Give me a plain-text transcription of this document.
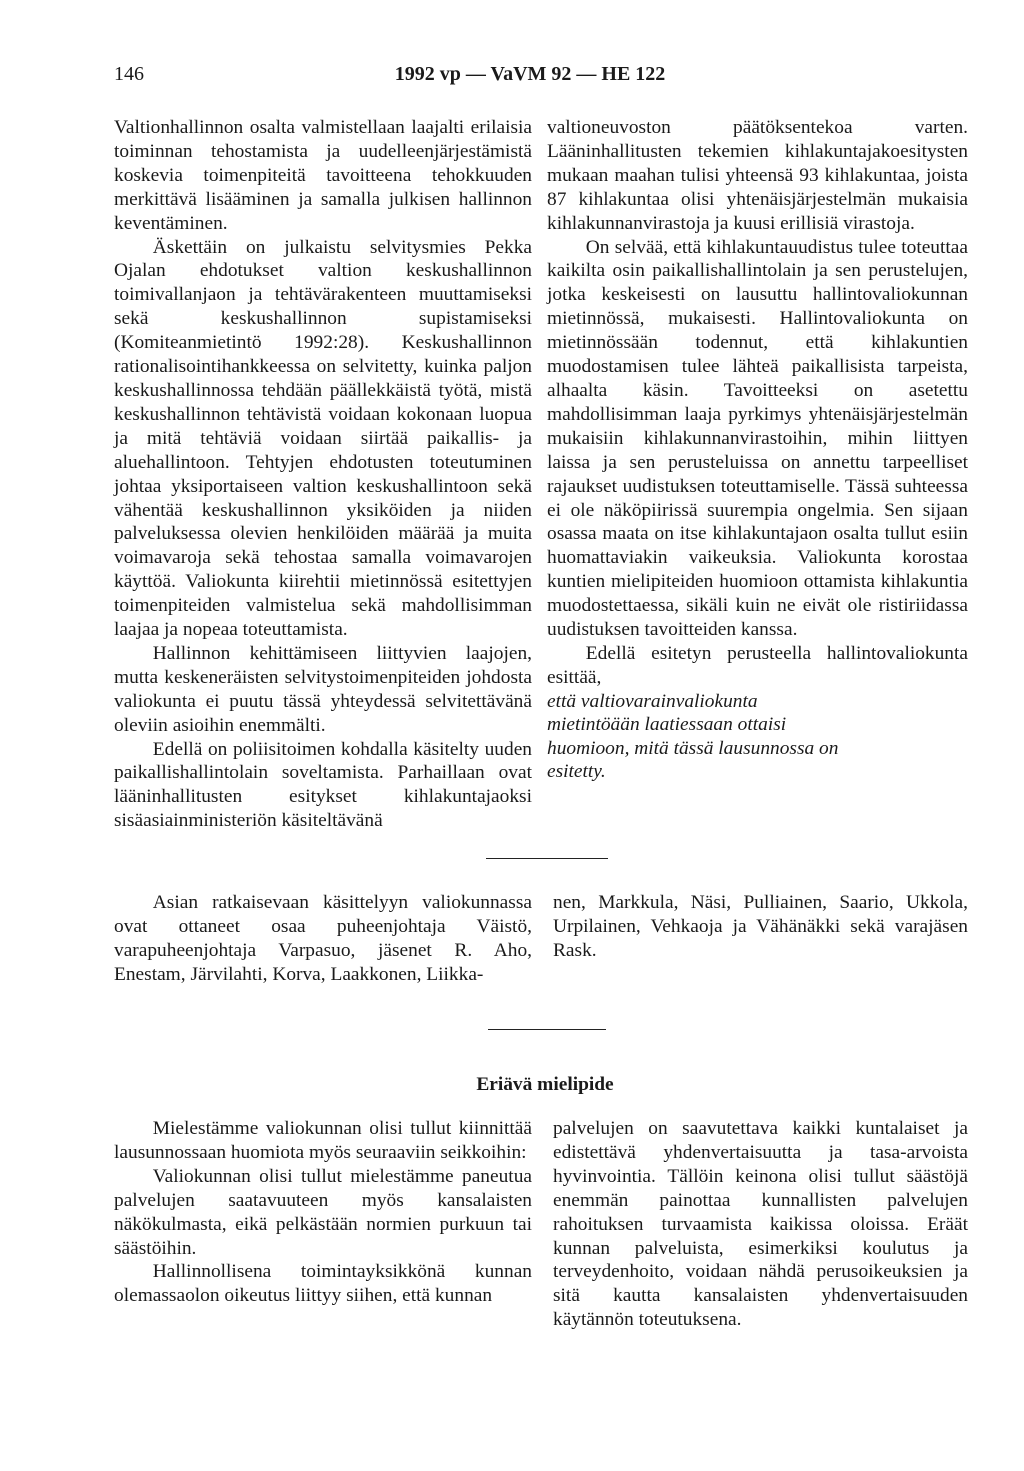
146	1992 vp — VaVM 92 — HE 122

Valtionhallinnon osalta valmistellaan laajalti erilaisia toiminnan tehostamista ja uudelleenjärjestämistä koskevia toimenpiteitä tavoitteena tehokkuuden merkittävä lisääminen ja samalla julkisen hallinnon keventäminen.

Äskettäin on julkaistu selvitysmies Pekka Ojalan ehdotukset valtion keskushallinnon toimivallanjaon ja tehtävärakenteen muuttamiseksi sekä keskushallinnon supistamiseksi (Komiteanmietintö 1992:28). Keskushallinnon rationalisointihankkeessa on selvitetty, kuinka paljon keskushallinnossa tehdään päällekkäistä työtä, mistä keskushallinnon tehtävistä voidaan kokonaan luopua ja mitä tehtäviä voidaan siirtää paikallis- ja aluehallintoon. Tehtyjen ehdotusten toteutuminen johtaa yksiportaiseen valtion keskushallintoon sekä vähentää keskushallinnon yksiköiden ja niiden palveluksessa olevien henkilöiden määrää ja muita voimavaroja sekä tehostaa samalla voimavarojen käyttöä. Valiokunta kiirehtii mietinnössä esitettyjen toimenpiteiden valmistelua sekä mahdollisimman laajaa ja nopeaa toteuttamista.

Hallinnon kehittämiseen liittyvien laajojen, mutta keskeneräisten selvitystoimenpiteiden johdosta valiokunta ei puutu tässä yhteydessä selvitettävänä oleviin asioihin enemmälti.

Edellä on poliisitoimen kohdalla käsitelty uuden paikallishallintolain soveltamista. Parhaillaan ovat lääninhallitusten esitykset kihlakuntajaoksi sisäasiainministeriön käsiteltävänä

valtioneuvoston päätöksentekoa varten. Lääninhallitusten tekemien kihlakuntajakoesitysten mukaan maahan tulisi yhteensä 93 kihlakuntaa, joista 87 kihlakuntaa olisi yhtenäisjärjestelmän mukaisia kihlakunnanvirastoja ja kuusi erillisiä virastoja.

On selvää, että kihlakuntauudistus tulee toteuttaa kaikilta osin paikallishallintolain ja sen perustelujen, jotka keskeisesti on lausuttu hallintovaliokunnan mietinnössä, mukaisesti. Hallintovaliokunta on mietinnössään todennut, että kihlakuntien muodostamisen tulee lähteä paikallisista tarpeista, alhaalta käsin. Tavoitteeksi on asetettu mahdollisimman laaja pyrkimys yhtenäisjärjestelmän mukaisiin kihlakunnanvirastoihin, mihin liittyen laissa ja sen perusteluissa on annettu tarpeelliset rajaukset uudistuksen toteuttamiselle. Tässä suhteessa ei ole näköpiirissä suurempia ongelmia. Sen sijaan osassa maata on itse kihlakuntajaon osalta tullut esiin huomattaviakin vaikeuksia. Valiokunta korostaa kuntien mielipiteiden huomioon ottamista kihlakuntia muodostettaessa, sikäli kuin ne eivät ole ristiriidassa uudistuksen tavoitteiden kanssa.

Edellä esitetyn perusteella hallintovaliokunta esittää,

että valtiovarainvaliokunta mietintöään laatiessaan ottaisi huomioon, mitä tässä lausunnossa on esitetty.

Asian ratkaisevaan käsittelyyn valiokunnassa ovat ottaneet osaa puheenjohtaja Väistö, varapuheenjohtaja Varpasuo, jäsenet R. Aho, Enestam, Järvilahti, Korva, Laakkonen, Liikka-

nen, Markkula, Näsi, Pulliainen, Saario, Ukkola, Urpilainen, Vehkaoja ja Vähänäkki sekä varajäsen Rask.

Eriävä mielipide

Mielestämme valiokunnan olisi tullut kiinnittää lausunnossaan huomiota myös seuraaviin seikkoihin:

Valiokunnan olisi tullut mielestämme paneutua palvelujen saatavuuteen myös kansalaisten näkökulmasta, eikä pelkästään normien purkuun tai säästöihin.

Hallinnollisena toimintayksikkönä kunnan olemassaolon oikeutus liittyy siihen, että kunnan

palvelujen on saavutettava kaikki kuntalaiset ja edistettävä yhdenvertaisuutta ja tasa-arvoista hyvinvointia. Tällöin keinona olisi tullut säästöjä enemmän painottaa kunnallisten palvelujen rahoituksen turvaamista kaikissa oloissa. Eräät kunnan palveluista, esimerkiksi koulutus ja terveydenhoito, voidaan nähdä perusoikeuksien ja sitä kautta kansalaisten yhdenvertaisuuden käytännön toteutuksena.
